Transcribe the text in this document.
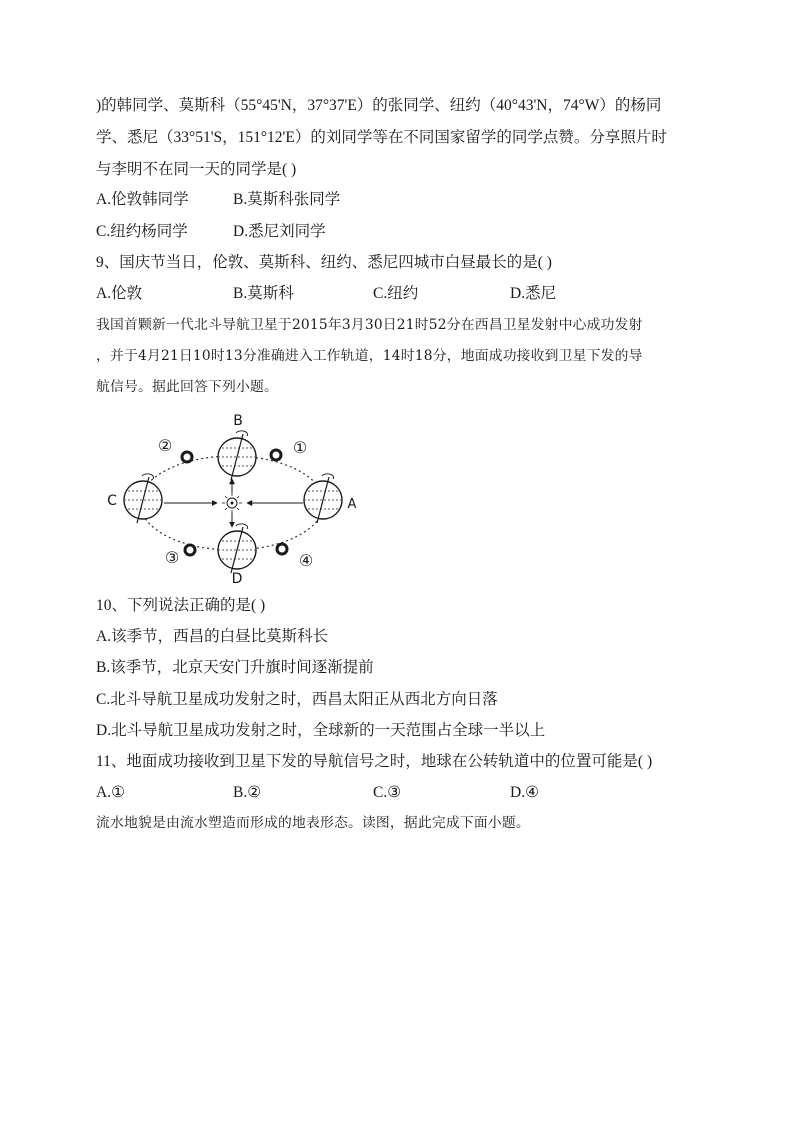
)的韩同学、莫斯科（55°45'N，37°37'E）的张同学、纽约（40°43'N，74°W）的杨同
学、悉尼（33°51'S，151°12'E）的刘同学等在不同国家留学的同学点赞。分享照片时
与李明不在同一天的同学是( )
A.伦敦韩同学	B.莫斯科张同学
C.纽约杨同学	D.悉尼刘同学
9、国庆节当日，伦敦、莫斯科、纽约、悉尼四城市白昼最长的是( )
A.伦敦	B.莫斯科	C.纽约	D.悉尼
我国首颗新一代北斗导航卫星于2015年3月30日21时52分在西昌卫星发射中心成功发射
，并于4月21日10时13分准确进入工作轨道，14时18分，地面成功接收到卫星下发的导
航信号。据此回答下列小题。
B
D
C	A
①
②
③	④
10、下列说法正确的是( )
A.该季节，西昌的白昼比莫斯科长
B.该季节，北京天安门升旗时间逐渐提前
C.北斗导航卫星成功发射之时，西昌太阳正从西北方向日落
D.北斗导航卫星成功发射之时，全球新的一天范围占全球一半以上
11、地面成功接收到卫星下发的导航信号之时，地球在公转轨道中的位置可能是( )
A.①	B.②	C.③	D.④
流水地貌是由流水塑造而形成的地表形态。读图，据此完成下面小题。
